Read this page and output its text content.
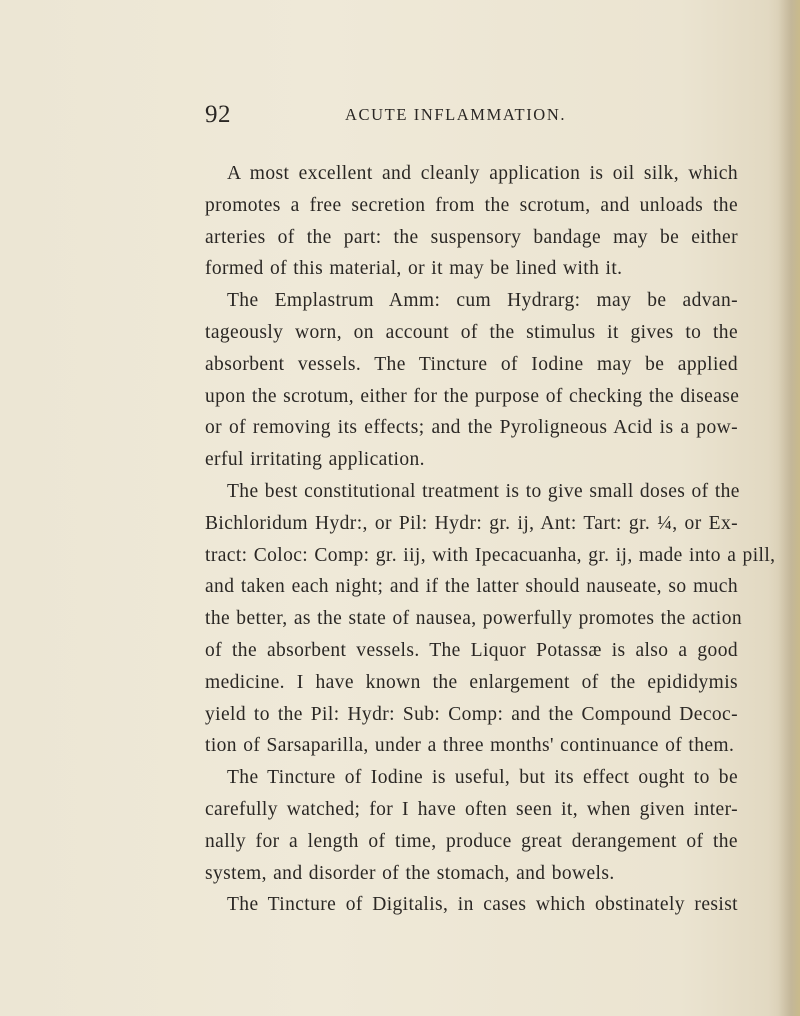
92	ACUTE INFLAMMATION.
A most excellent and cleanly application is oil silk, which
promotes a free secretion from the scrotum, and unloads the
arteries of the part: the suspensory bandage may be either
formed of this material, or it may be lined with it.
The Emplastrum Amm: cum Hydrarg: may be advan-
tageously worn, on account of the stimulus it gives to the
absorbent vessels. The Tincture of Iodine may be applied
upon the scrotum, either for the purpose of checking the disease
or of removing its effects; and the Pyroligneous Acid is a pow-
erful irritating application.
The best constitutional treatment is to give small doses of the
Bichloridum Hydr:, or Pil: Hydr: gr. ij, Ant: Tart: gr. ¼, or Ex-
tract: Coloc: Comp: gr. iij, with Ipecacuanha, gr. ij, made into a pill,
and taken each night; and if the latter should nauseate, so much
the better, as the state of nausea, powerfully promotes the action
of the absorbent vessels. The Liquor Potassæ is also a good
medicine. I have known the enlargement of the epididymis
yield to the Pil: Hydr: Sub: Comp: and the Compound Decoc-
tion of Sarsaparilla, under a three months' continuance of them.
The Tincture of Iodine is useful, but its effect ought to be
carefully watched; for I have often seen it, when given inter-
nally for a length of time, produce great derangement of the
system, and disorder of the stomach, and bowels.
The Tincture of Digitalis, in cases which obstinately resist
